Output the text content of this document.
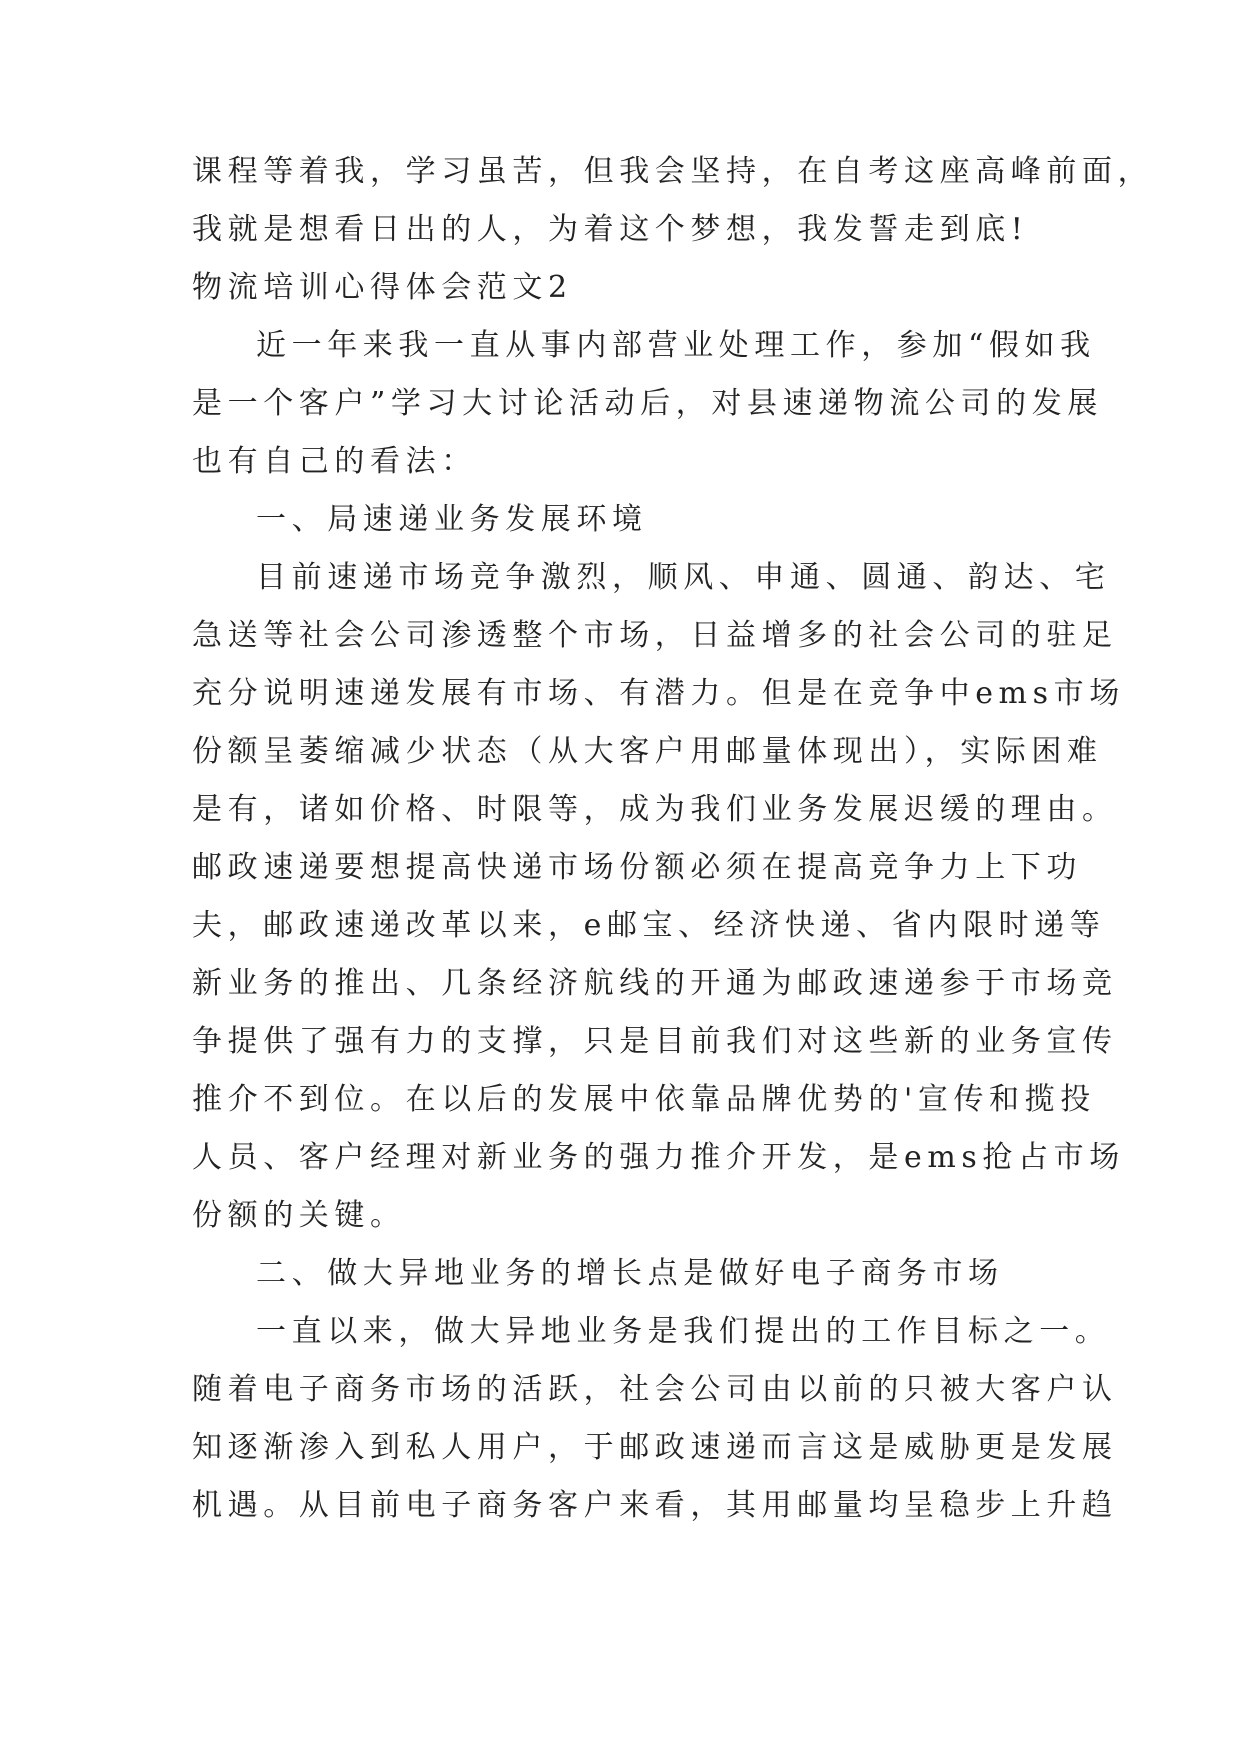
课程等着我，学习虽苦，但我会坚持，在自考这座高峰前面，
我就是想看日出的人，为着这个梦想，我发誓走到底!
物流培训心得体会范文2
近一年来我一直从事内部营业处理工作，参加“假如我
是一个客户”学习大讨论活动后，对县速递物流公司的发展
也有自己的看法：
一、局速递业务发展环境
目前速递市场竞争激烈，顺风、申通、圆通、韵达、宅
急送等社会公司渗透整个市场，日益增多的社会公司的驻足
充分说明速递发展有市场、有潜力。但是在竞争中ems市场
份额呈萎缩减少状态（从大客户用邮量体现出），实际困难
是有，诸如价格、时限等，成为我们业务发展迟缓的理由。
邮政速递要想提高快递市场份额必须在提高竞争力上下功
夫，邮政速递改革以来，e邮宝、经济快递、省内限时递等
新业务的推出、几条经济航线的开通为邮政速递参于市场竞
争提供了强有力的支撑，只是目前我们对这些新的业务宣传
推介不到位。在以后的发展中依靠品牌优势的'宣传和揽投
人员、客户经理对新业务的强力推介开发，是ems抢占市场
份额的关键。
二、做大异地业务的增长点是做好电子商务市场
一直以来，做大异地业务是我们提出的工作目标之一。
随着电子商务市场的活跃，社会公司由以前的只被大客户认
知逐渐渗入到私人用户，于邮政速递而言这是威胁更是发展
机遇。从目前电子商务客户来看，其用邮量均呈稳步上升趋
